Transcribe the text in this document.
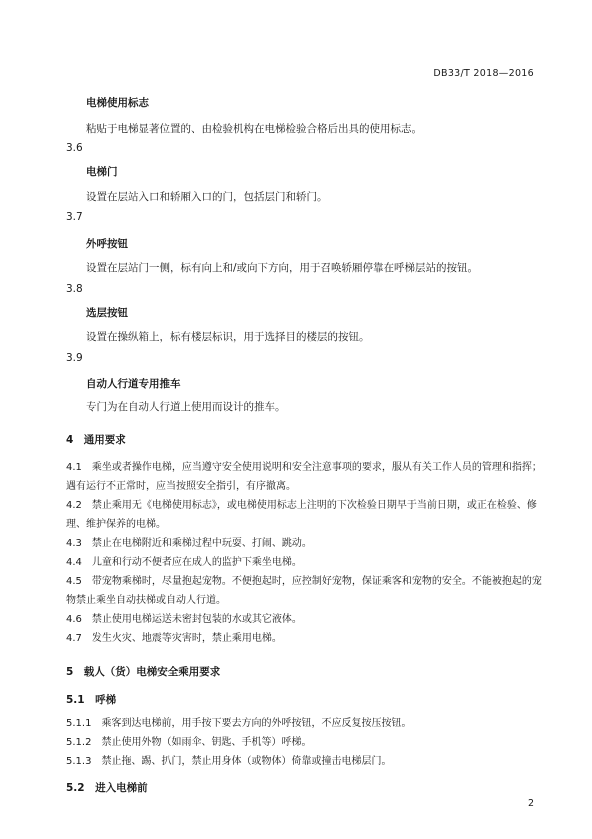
DB33/T 2018—2016
电梯使用标志
粘贴于电梯显著位置的、由检验机构在电梯检验合格后出具的使用标志。
3.6
电梯门
设置在层站入口和轿厢入口的门，包括层门和轿门。
3.7
外呼按钮
设置在层站门一侧，标有向上和/或向下方向，用于召唤轿厢停靠在呼梯层站的按钮。
3.8
选层按钮
设置在操纵箱上，标有楼层标识，用于选择目的楼层的按钮。
3.9
自动人行道专用推车
专门为在自动人行道上使用而设计的推车。
4　通用要求
4.1　 乘坐或者操作电梯，应当遵守安全使用说明和安全注意事项的要求，服从有关工作人员的管理和指挥；遇有运行不正常时，应当按照安全指引，有序撤离。
4.2　 禁止乘用无《电梯使用标志》，或电梯使用标志上注明的下次检验日期早于当前日期，或正在检验、修理、维护保养的电梯。
4.3　 禁止在电梯附近和乘梯过程中玩耍、打闹、跳动。
4.4　 儿童和行动不便者应在成人的监护下乘坐电梯。
4.5　 带宠物乘梯时，尽量抱起宠物。不便抱起时，应控制好宠物，保证乘客和宠物的安全。不能被抱起的宠物禁止乘坐自动扶梯或自动人行道。
4.6　 禁止使用电梯运送未密封包装的水或其它液体。
4.7　 发生火灾、地震等灾害时，禁止乘用电梯。
5　载人（货）电梯安全乘用要求
5.1　呼梯
5.1.1　 乘客到达电梯前，用手按下要去方向的外呼按钮，不应反复按压按钮。
5.1.2　 禁止使用外物（如雨伞、钥匙、手机等）呼梯。
5.1.3　 禁止拖、踢、扒门，禁止用身体（或物体）倚靠或撞击电梯层门。
5.2　进入电梯前
2
